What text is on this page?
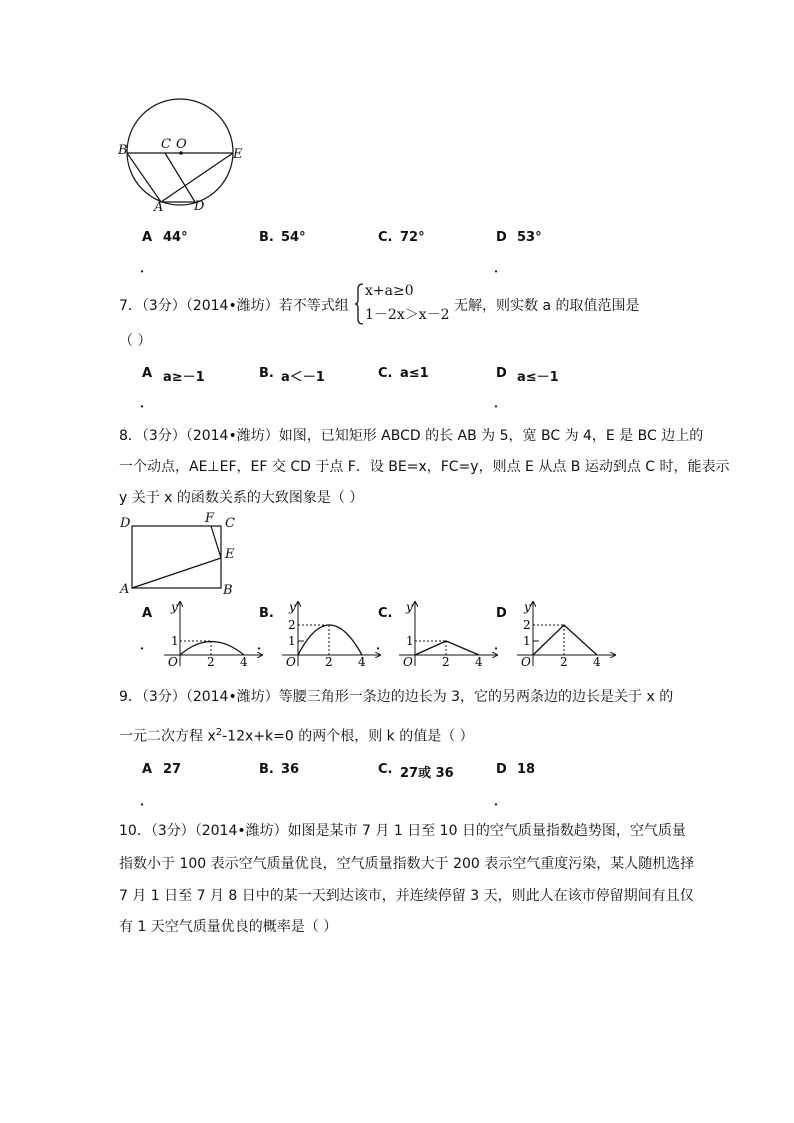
B	C O
E
A D
A 44°	B. 54°	C. 72°	D 53°
．	．
7．（3分）（2014•潍坊）若不等式组
x+a≥0
1－2x＞x－2
无解，则实数 a 的取值范围是
（ ）
A a≥－1	B. a＜－1	C. a≤1	D a≤－1
．	．
8．（3分）（2014•潍坊）如图，已知矩形 ABCD 的长 AB 为 5，宽 BC 为 4，E 是 BC 边上的
一个动点，AE⊥EF，EF 交 CD 于点 F．设 BE=x，FC=y，则点 E 从点 B 运动到点 C 时，能表示
y 关于 x 的函数关系的大致图象是（ ）
D	F C
E
A	B
A	B.	C.	D
．	．	．	．
y
1
O 2 4
y
2
1
O 2 4
y
1
O 2 4
y
2
1
O 2 4
9．（3分）（2014•潍坊）等腰三角形一条边的边长为 3，它的另两条边的边长是关于 x 的
一元二次方程 $x^2-12x+k=0$ 的两个根，则 k 的值是（ ）
A 27	B. 36	C. 27或 36	D 18
．	．
10．（3分）（2014•潍坊）如图是某市 7 月 1 日至 10 日的空气质量指数趋势图，空气质量
指数小于 100 表示空气质量优良，空气质量指数大于 200 表示空气重度污染，某人随机选择
7 月 1 日至 7 月 8 日中的某一天到达该市，并连续停留 3 天，则此人在该市停留期间有且仅
有 1 天空气质量优良的概率是（ ）
